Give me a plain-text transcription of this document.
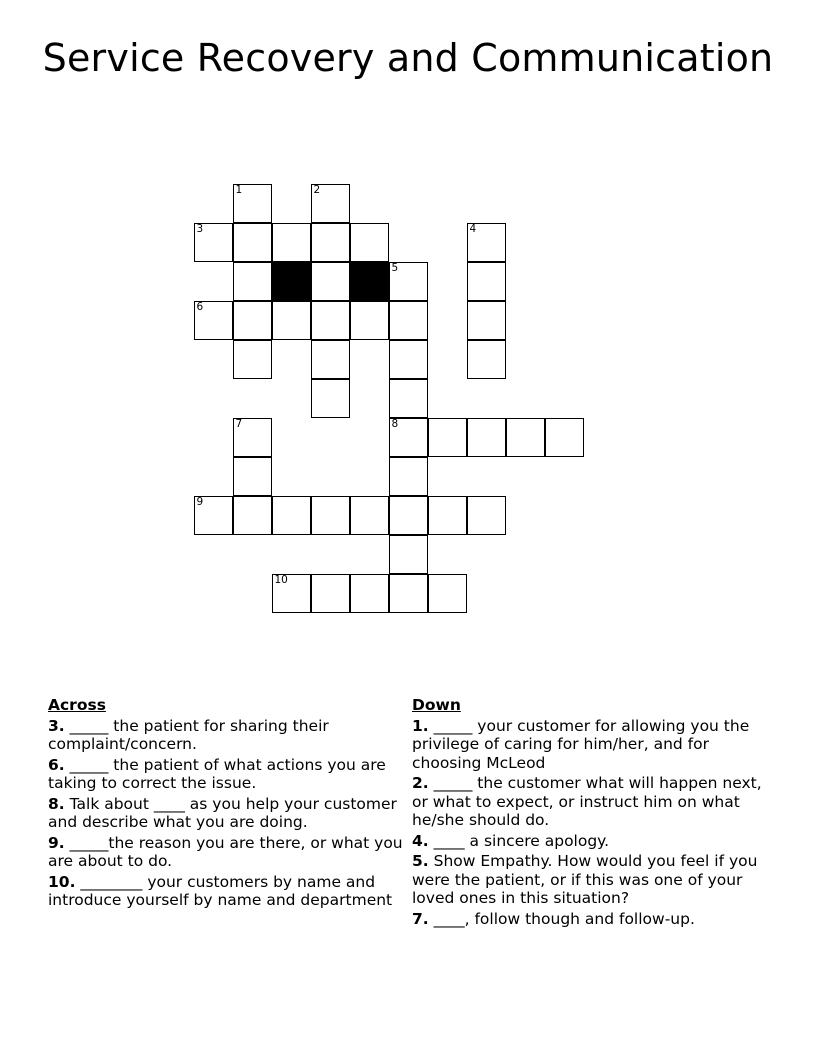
Service Recovery and Communication
1	2
3	4
5
6
7	8
9
10
Across
3. _____ the patient for sharing their complaint/concern.
6. _____ the patient of what actions you are taking to correct the issue.
8. Talk about ____ as you help your customer and describe what you are doing.
9. _____the reason you are there, or what you are about to do.
10. ________ your customers by name and introduce yourself by name and department
Down
1. _____ your customer for allowing you the privilege of caring for him/her, and for choosing McLeod
2. _____ the customer what will happen next, or what to expect, or instruct him on what he/she should do.
4. ____ a sincere apology.
5. Show Empathy. How would you feel if you were the patient, or if this was one of your loved ones in this situation?
7. ____, follow though and follow-up.
